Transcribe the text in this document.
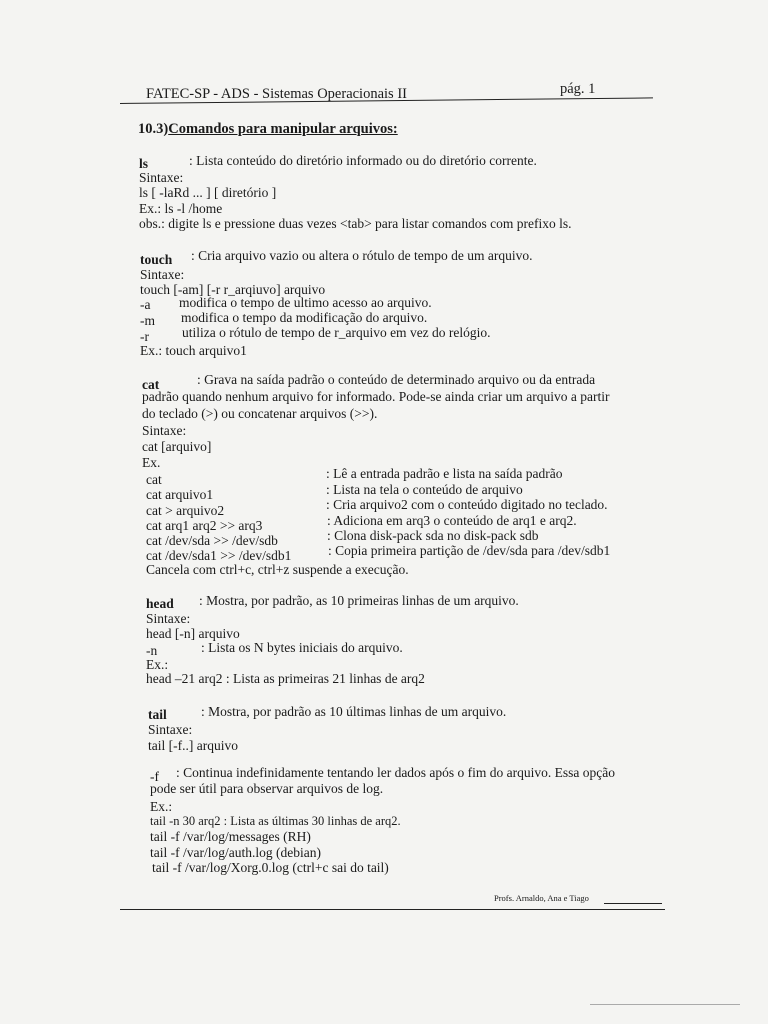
FATEC-SP - ADS - Sistemas Operacionais II	pág. 1
10.3)Comandos para manipular arquivos:
ls	: Lista conteúdo do diretório informado ou do diretório corrente.
Sintaxe:
ls [ -laRd ... ] [ diretório ]
Ex.: ls -l /home
obs.: digite ls e pressione duas vezes <tab> para listar comandos com prefixo ls.
touch : Cria arquivo vazio ou altera o rótulo de tempo de um arquivo.
Sintaxe:
touch [-am] [-r r_arqiuvo] arquivo
-a modifica o tempo de ultimo acesso ao arquivo.
-m modifica o tempo da modificação do arquivo.
-r utiliza o rótulo de tempo de r_arquivo em vez do relógio.
Ex.: touch arquivo1
cat	: Grava na saída padrão o conteúdo de determinado arquivo ou da entrada
padrão quando nenhum arquivo for informado. Pode-se ainda criar um arquivo a partir
do teclado (>) ou concatenar arquivos (>>).
Sintaxe:
cat [arquivo]
Ex.
cat	: Lê a entrada padrão e lista na saída padrão
cat arquivo1	: Lista na tela o conteúdo de arquivo
cat > arquivo2	: Cria arquivo2 com o conteúdo digitado no teclado.
cat arq1 arq2 >> arq3	: Adiciona em arq3 o conteúdo de arq1 e arq2.
cat /dev/sda >> /dev/sdb	: Clona disk-pack sda no disk-pack sdb
cat /dev/sda1 >> /dev/sdb1	: Copia primeira partição de /dev/sda para /dev/sdb1
Cancela com ctrl+c, ctrl+z suspende a execução.
head : Mostra, por padrão, as 10 primeiras linhas de um arquivo.
Sintaxe:
head [-n] arquivo
-n	: Lista os N bytes iniciais do arquivo.
Ex.:
head –21 arq2 : Lista as primeiras 21 linhas de arq2
tail	: Mostra, por padrão as 10 últimas linhas de um arquivo.
Sintaxe:
tail [-f..] arquivo
-f : Continua indefinidamente tentando ler dados após o fim do arquivo. Essa opção
pode ser útil para observar arquivos de log.
Ex.:
tail -n 30 arq2 : Lista as últimas 30 linhas de arq2.
tail -f /var/log/messages (RH)
tail -f /var/log/auth.log (debian)
tail -f /var/log/Xorg.0.log (ctrl+c sai do tail)
Profs. Arnaldo, Ana e Tiago
